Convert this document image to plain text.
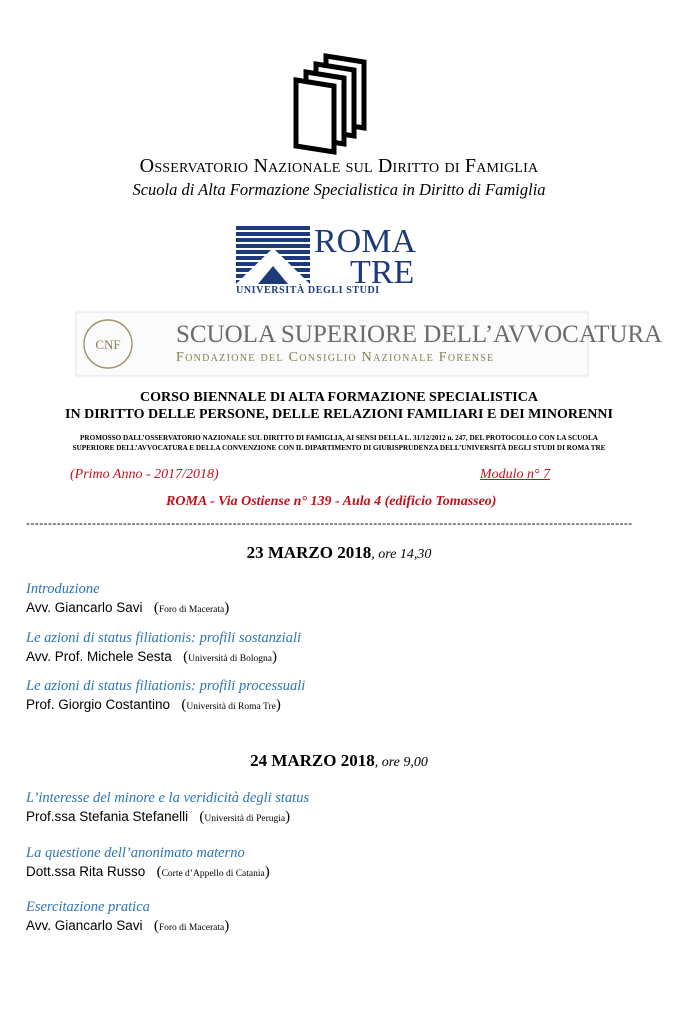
Osservatorio Nazionale sul Diritto di Famiglia
Scuola di Alta Formazione Specialistica in Diritto di Famiglia
ROMA
TRE
UNIVERSITÀ DEGLI STUDI
CNF SCUOLA SUPERIORE DELL’AVVOCATURA
Fondazione del Consiglio Nazionale Forense
CORSO BIENNALE DI ALTA FORMAZIONE SPECIALISTICA
IN DIRITTO DELLE PERSONE, DELLE RELAZIONI FAMILIARI E DEI MINORENNI
PROMOSSO DALL’OSSERVATORIO NAZIONALE SUL DIRITTO DI FAMIGLIA, AI SENSI DELLA L. 31/12/2012 n. 247, DEL PROTOCOLLO CON LA SCUOLA
SUPERIORE DELL’AVVOCATURA E DELLA CONVENZIONE CON IL DIPARTIMENTO DI GIURISPRUDENZA DELL’UNIVERSITÀ DEGLI STUDI DI ROMA TRE
(Primo Anno - 2017/2018)	Modulo n° 7
ROMA - Via Ostiense n° 139 - Aula 4 (edificio Tomasseo)
------------------------------------------------------------------------------------------------------------------------------------------
23 MARZO 2018, ore 14,30
Introduzione
Avv. Giancarlo Savi (Foro di Macerata)
Le azioni di status filiationis: profili sostanziali
Avv. Prof. Michele Sesta (Università di Bologna)
Le azioni di status filiationis: profili processuali
Prof. Giorgio Costantino (Università di Roma Tre)
24 MARZO 2018, ore 9,00
L’interesse del minore e la veridicità degli status
Prof.ssa Stefania Stefanelli (Università di Perugia)
La questione dell’anonimato materno
Dott.ssa Rita Russo (Corte d’Appello di Catania)
Esercitazione pratica
Avv. Giancarlo Savi (Foro di Macerata)
